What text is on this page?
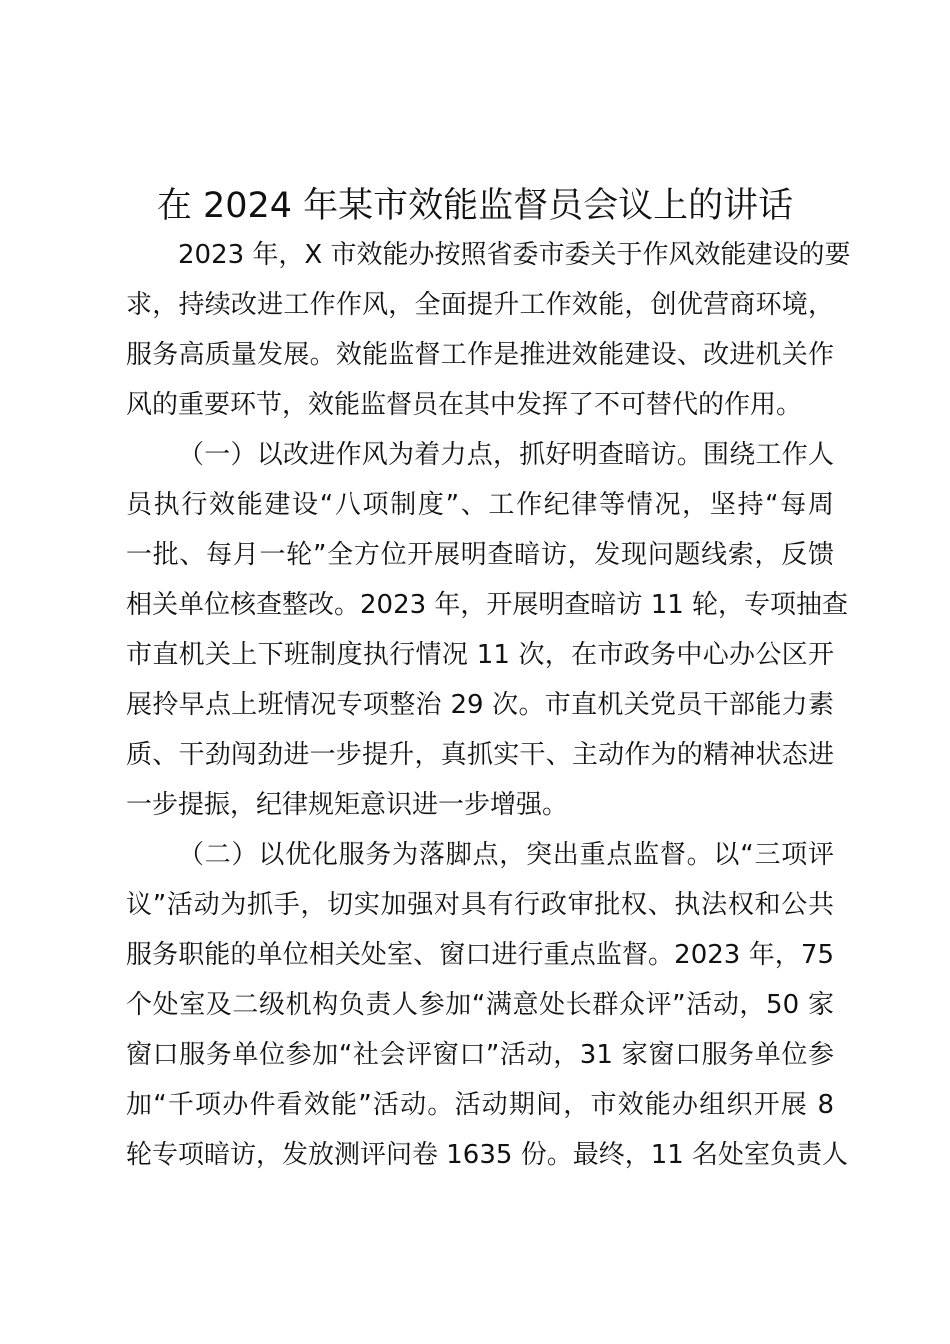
在 2024 年某市效能监督员会议上的讲话
2023 年，X 市效能办按照省委市委关于作风效能建设的要
求，持续改进工作作风，全面提升工作效能，创优营商环境，
服务高质量发展。效能监督工作是推进效能建设、改进机关作
风的重要环节，效能监督员在其中发挥了不可替代的作用。
（一）以改进作风为着力点，抓好明查暗访。围绕工作人
员执行效能建设“八项制度”、工作纪律等情况，坚持“每周
一批、每月一轮”全方位开展明查暗访，发现问题线索，反馈
相关单位核查整改。2023 年，开展明查暗访 11 轮，专项抽查
市直机关上下班制度执行情况 11 次，在市政务中心办公区开
展拎早点上班情况专项整治 29 次。市直机关党员干部能力素
质、干劲闯劲进一步提升，真抓实干、主动作为的精神状态进
一步提振，纪律规矩意识进一步增强。
（二）以优化服务为落脚点，突出重点监督。以“三项评
议”活动为抓手，切实加强对具有行政审批权、执法权和公共
服务职能的单位相关处室、窗口进行重点监督。2023 年，75
个处室及二级机构负责人参加“满意处长群众评”活动，50 家
窗口服务单位参加“社会评窗口”活动，31 家窗口服务单位参
加“千项办件看效能”活动。活动期间，市效能办组织开展 8
轮专项暗访，发放测评问卷 1635 份。最终，11 名处室负责人
